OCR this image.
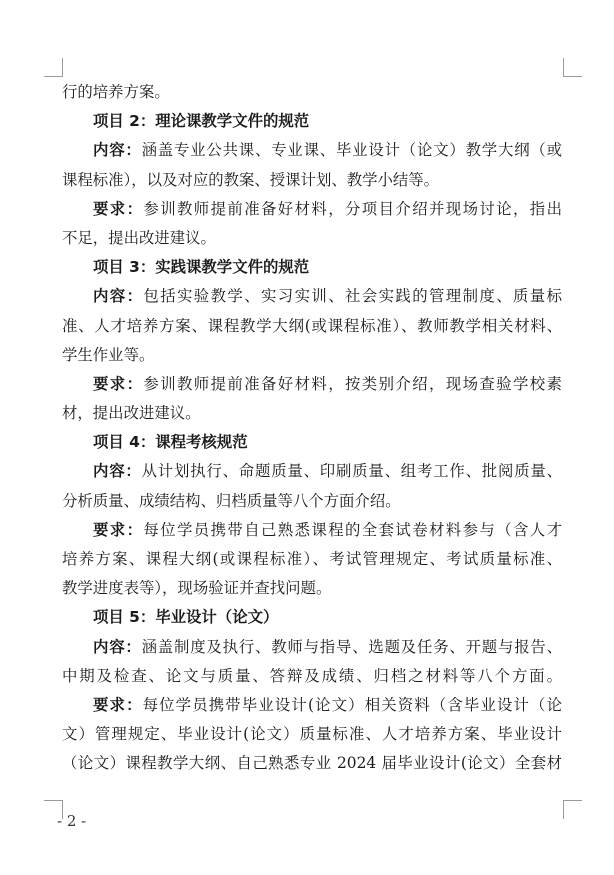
行的培养方案。
项目 2：理论课教学文件的规范
内容：涵盖专业公共课、专业课、毕业设计（论文）教学大纲（或
课程标准），以及对应的教案、授课计划、教学小结等。
要求：参训教师提前准备好材料，分项目介绍并现场讨论，指出
不足，提出改进建议。
项目 3：实践课教学文件的规范
内容：包括实验教学、实习实训、社会实践的管理制度、质量标
准、人才培养方案、课程教学大纲(或课程标准）、教师教学相关材料、
学生作业等。
要求：参训教师提前准备好材料，按类别介绍，现场查验学校素
材，提出改进建议。
项目 4：课程考核规范
内容：从计划执行、命题质量、印刷质量、组考工作、批阅质量、
分析质量、成绩结构、归档质量等八个方面介绍。
要求：每位学员携带自己熟悉课程的全套试卷材料参与（含人才
培养方案、课程大纲(或课程标准）、考试管理规定、考试质量标准、
教学进度表等），现场验证并查找问题。
项目 5：毕业设计（论文）
内容：涵盖制度及执行、教师与指导、选题及任务、开题与报告、
中期及检查、论文与质量、答辩及成绩、归档之材料等八个方面。
要求：每位学员携带毕业设计(论文）相关资料（含毕业设计（论
文）管理规定、毕业设计(论文）质量标准、人才培养方案、毕业设计
（论文）课程教学大纲、自己熟悉专业 2024 届毕业设计(论文）全套材
- 2 -
